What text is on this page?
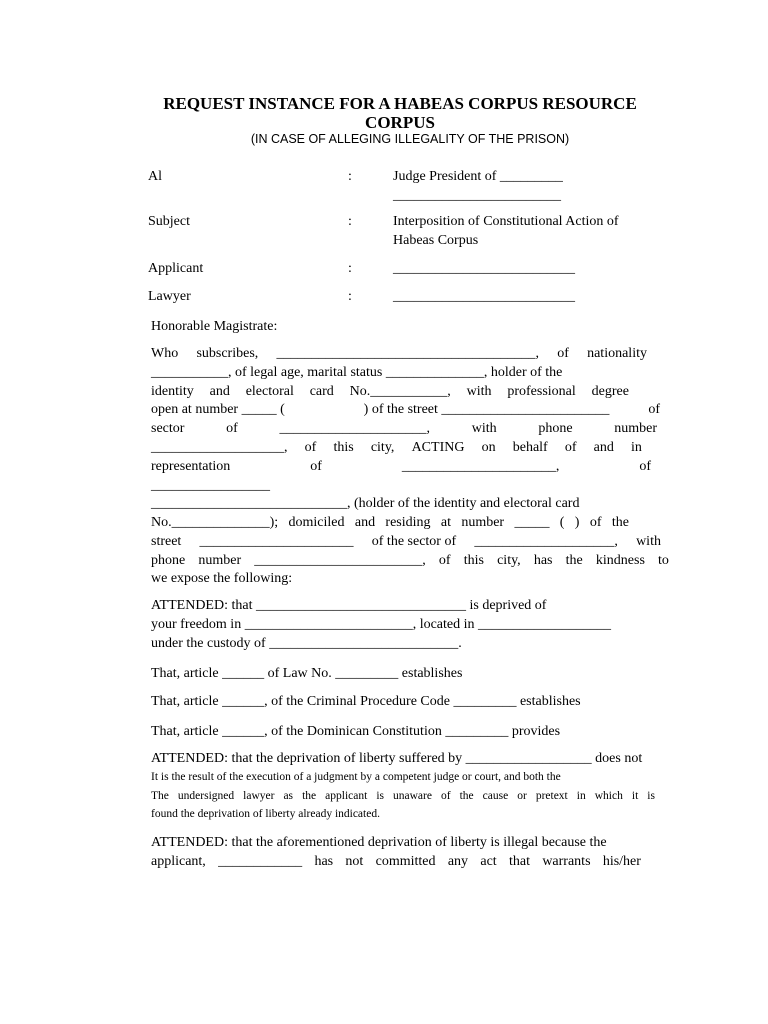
REQUEST INSTANCE FOR A HABEAS CORPUS RESOURCE
CORPUS
(IN CASE OF ALLEGING ILLEGALITY OF THE PRISON)
Al	:	Judge President of _________
________________________
Subject	:	Interposition of Constitutional Action of
Habeas Corpus
Applicant	:	__________________________
Lawyer	:	__________________________
Honorable Magistrate:
Who subscribes, _____________________________________, of nationality
___________, of legal age, marital status ______________, holder of the
identity and electoral card No.___________, with professional degree
open at number _____ (	) of the street ________________________	of
sector	of	_____________________,	with	phone	number
___________________, of this city, ACTING on behalf of and in
representation	of	______________________,	of
_________________
____________________________, (holder of the identity and electoral card
No.______________); domiciled and residing at number _____ ( ) of the
street ______________________ of the sector of ____________________, with
phone number ________________________, of this city, has the kindness to
we expose the following:
ATTENDED: that ______________________________ is deprived of
your freedom in ________________________, located in ___________________
under the custody of ___________________________.
That, article ______ of Law No. _________ establishes
That, article ______, of the Criminal Procedure Code _________ establishes
That, article ______, of the Dominican Constitution _________ provides
ATTENDED: that the deprivation of liberty suffered by __________________ does not
It is the result of the execution of a judgment by a competent judge or court, and both the
The undersigned lawyer as the applicant is unaware of the cause or pretext in which it is
found the deprivation of liberty already indicated.
ATTENDED: that the aforementioned deprivation of liberty is illegal because the
applicant, ____________ has not committed any act that warrants his/her
